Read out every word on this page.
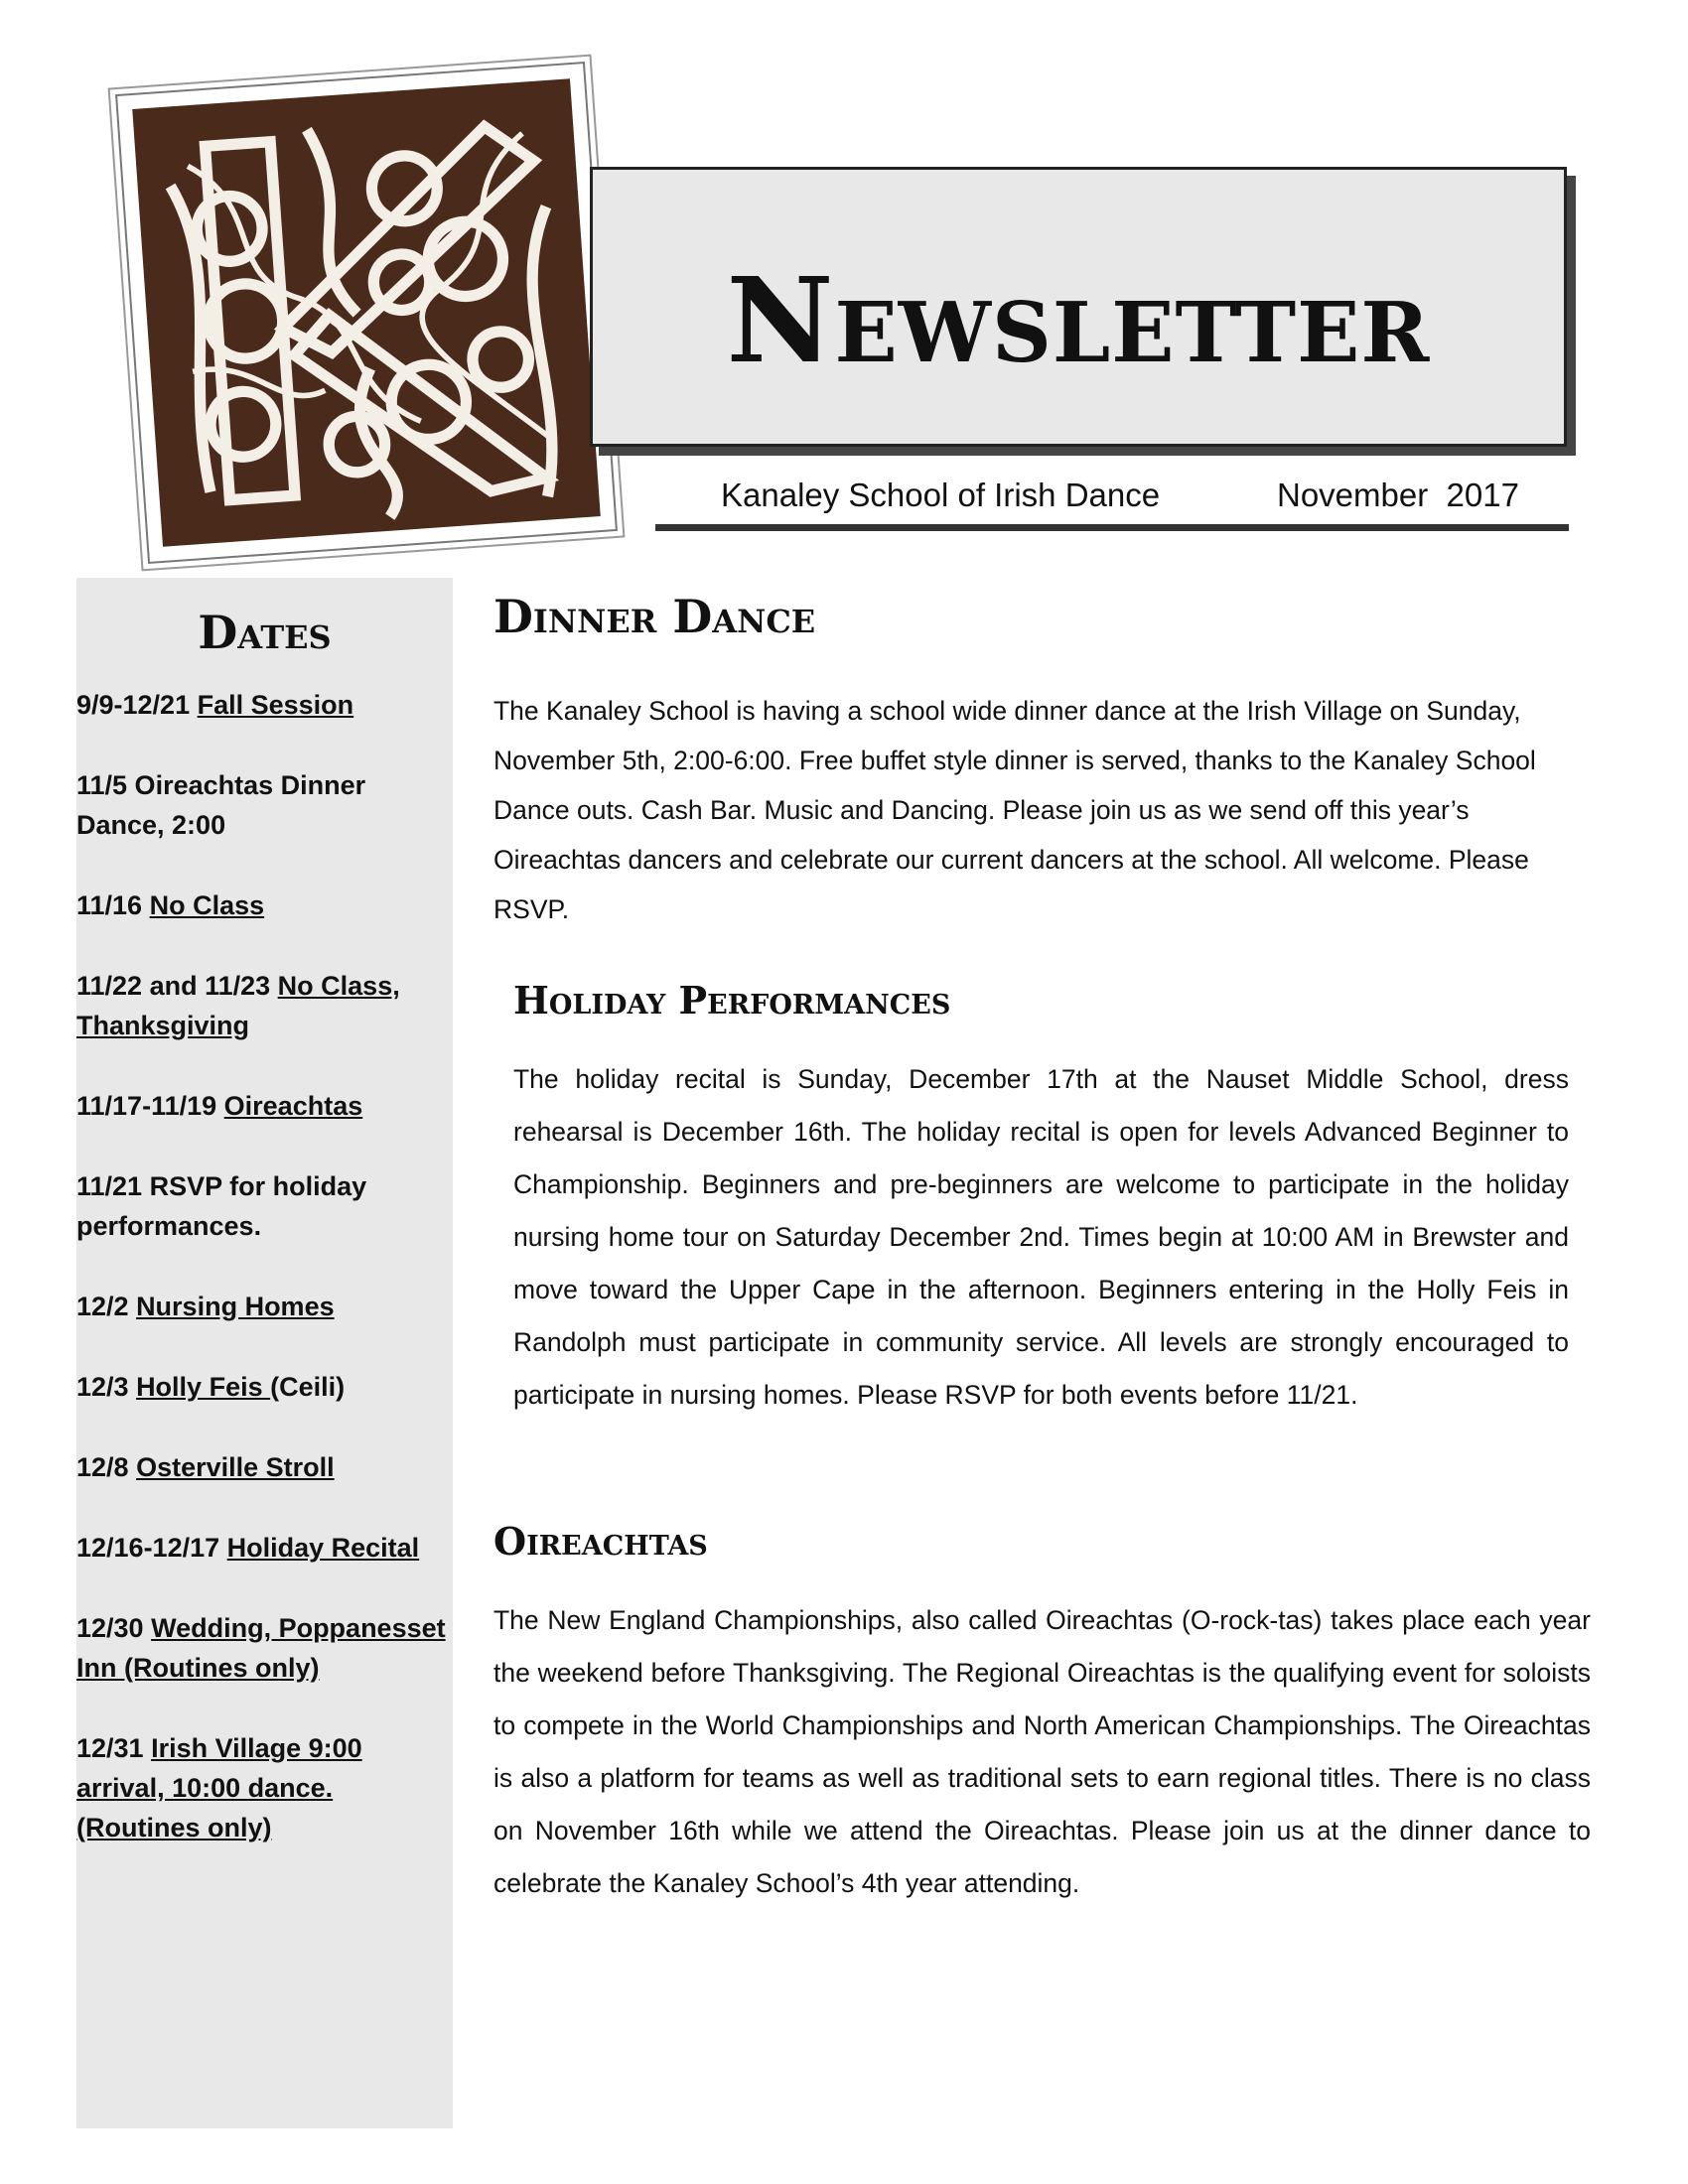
Newsletter
Kanaley School of Irish Dance	November  2017
Dates
9/9-12/21 Fall Session
11/5 Oireachtas Dinner Dance, 2:00
11/16 No Class
11/22 and 11/23 No Class, Thanksgiving
11/17-11/19 Oireachtas
11/21 RSVP for holiday performances.
12/2 Nursing Homes
12/3 Holly Feis (Ceili)
12/8 Osterville Stroll
12/16-12/17 Holiday Recital
12/30 Wedding, Poppanesset Inn (Routines only)
12/31 Irish Village 9:00 arrival, 10:00 dance. (Routines only)
Dinner Dance

The Kanaley School is having a school wide dinner dance at the Irish Village on Sunday, November 5th, 2:00-6:00. Free buffet style dinner is served, thanks to the Kanaley School Dance outs. Cash Bar. Music and Dancing. Please join us as we send off this year’s Oireachtas dancers and celebrate our current dancers at the school. All welcome. Please RSVP.

Holiday Performances

The holiday recital is Sunday, December 17th at the Nauset Middle School, dress rehearsal is December 16th. The holiday recital is open for levels Advanced Beginner to Championship. Beginners and pre-beginners are welcome to participate in the holiday nursing home tour on Saturday December 2nd. Times begin at 10:00 AM in Brewster and move toward the Upper Cape in the afternoon. Beginners entering in the Holly Feis in Randolph must participate in community service. All levels are strongly encouraged to participate in nursing homes. Please RSVP for both events before 11/21.

Oireachtas

The New England Championships, also called Oireachtas (O-rock-tas) takes place each year the weekend before Thanksgiving. The Regional Oireachtas is the qualifying event for soloists to compete in the World Championships and North American Championships. The Oireachtas is also a platform for teams as well as traditional sets to earn regional titles. There is no class on November 16th while we attend the Oireachtas. Please join us at the dinner dance to celebrate the Kanaley School’s 4th year attending.
